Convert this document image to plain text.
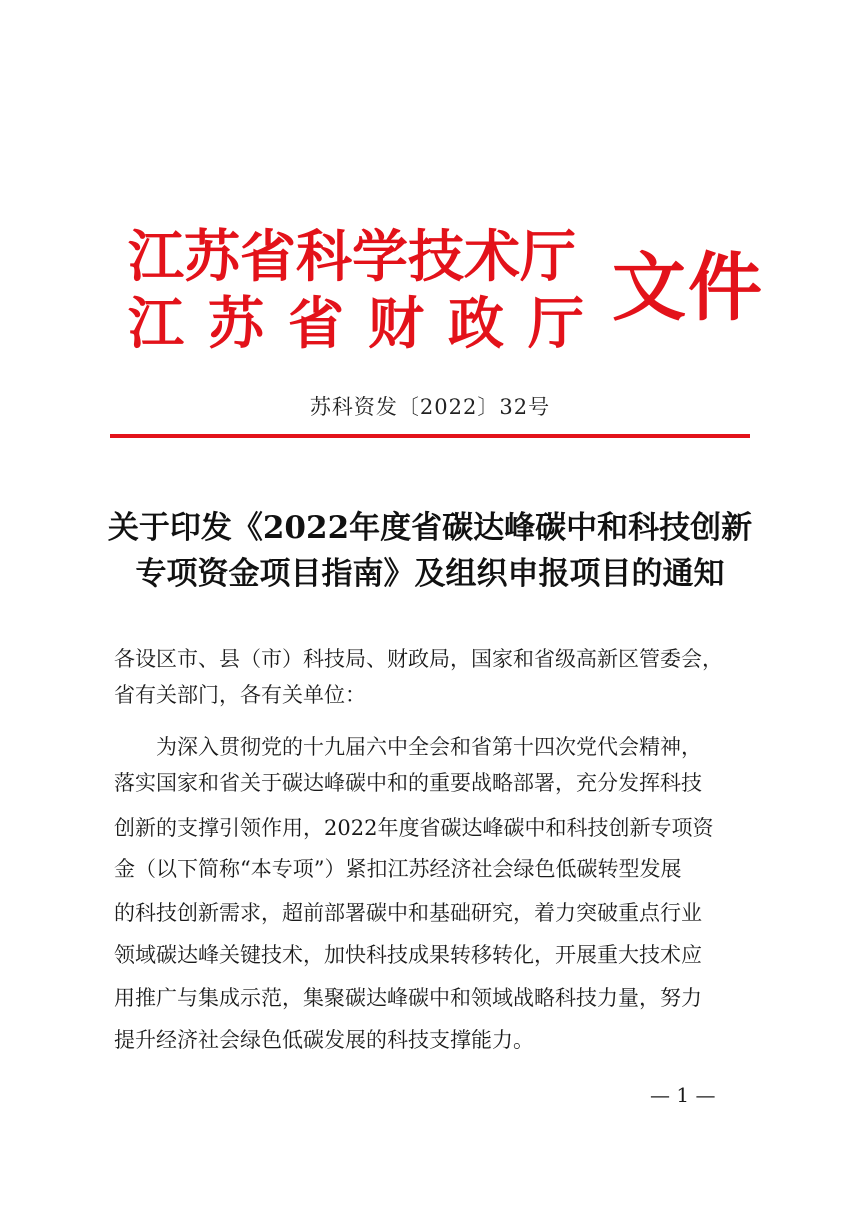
江苏省科学技术厅
江苏省财政厅 文件
苏科资发〔2022〕32号
关于印发《2022年度省碳达峰碳中和科技创新
专项资金项目指南》及组织申报项目的通知
各设区市、县（市）科技局、财政局，国家和省级高新区管委会，
省有关部门，各有关单位：
为深入贯彻党的十九届六中全会和省第十四次党代会精神，
落实国家和省关于碳达峰碳中和的重要战略部署，充分发挥科技
创新的支撑引领作用，2022年度省碳达峰碳中和科技创新专项资
金（以下简称“本专项”）紧扣江苏经济社会绿色低碳转型发展
的科技创新需求，超前部署碳中和基础研究，着力突破重点行业
领域碳达峰关键技术，加快科技成果转移转化，开展重大技术应
用推广与集成示范，集聚碳达峰碳中和领域战略科技力量，努力
提升经济社会绿色低碳发展的科技支撑能力。
— 1 —
